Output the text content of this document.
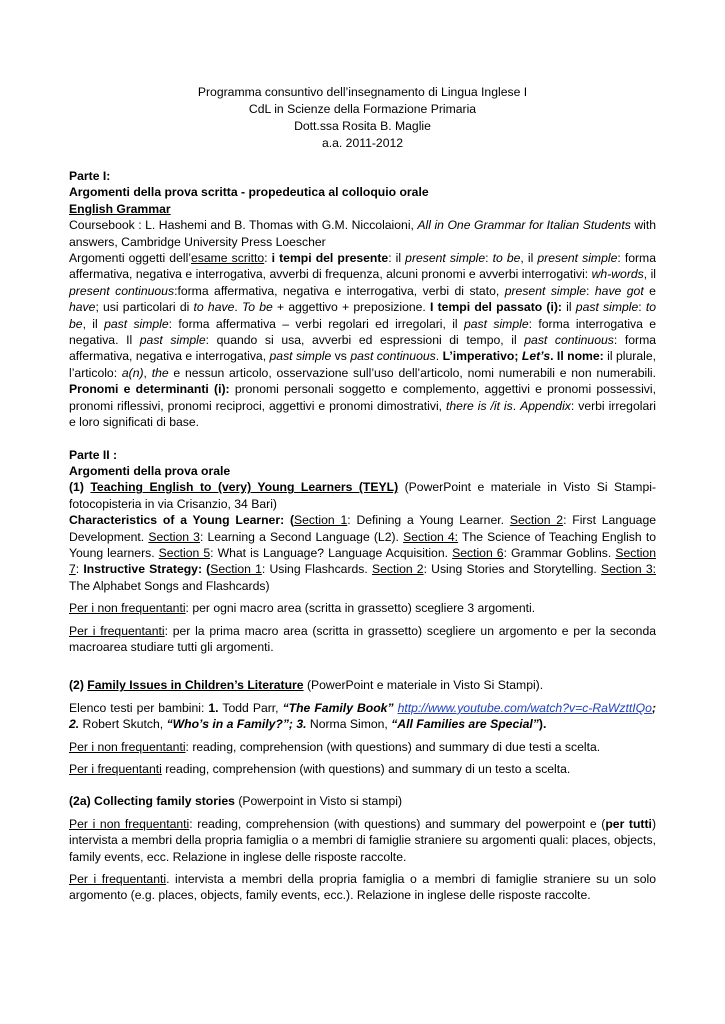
Programma consuntivo dell’insegnamento di Lingua Inglese I
CdL in Scienze della Formazione Primaria
Dott.ssa Rosita B. Maglie
a.a. 2011-2012

Parte I:

Argomenti della prova scritta - propedeutica al colloquio orale

English Grammar

Coursebook : L. Hashemi and B. Thomas with G.M. Niccolaioni, All in One Grammar for Italian Students with answers, Cambridge University Press Loescher

Argomenti oggetti dell’esame scritto: i tempi del presente: il present simple: to be, il present simple: forma affermativa, negativa e interrogativa, avverbi di frequenza, alcuni pronomi e avverbi interrogativi: wh-words, il present continuous:forma affermativa, negativa e interrogativa, verbi di stato, present simple: have got e have; usi particolari di to have. To be + aggettivo + preposizione. I tempi del passato (i): il past simple: to be, il past simple: forma affermativa – verbi regolari ed irregolari, il past simple: forma interrogativa e negativa. Il past simple: quando si usa, avverbi ed espressioni di tempo, il past continuous: forma affermativa, negativa e interrogativa, past simple vs past continuous. L’imperativo; Let’s. Il nome: il plurale, l’articolo: a(n), the e nessun articolo, osservazione sull’uso dell’articolo, nomi numerabili e non numerabili. Pronomi e determinanti (i): pronomi personali soggetto e complemento, aggettivi e pronomi possessivi, pronomi riflessivi, pronomi reciproci, aggettivi e pronomi dimostrativi, there is /it is. Appendix: verbi irregolari e loro significati di base.

Parte II :

Argomenti della prova orale

(1) Teaching English to (very) Young Learners (TEYL) (PowerPoint e materiale in Visto Si Stampi-fotocopisteria in via Crisanzio, 34 Bari)

Characteristics of a Young Learner: (Section 1: Defining a Young Learner. Section 2: First Language Development. Section 3: Learning a Second Language (L2). Section 4: The Science of Teaching English to Young learners. Section 5: What is Language? Language Acquisition. Section 6: Grammar Goblins. Section 7: Instructive Strategy: (Section 1: Using Flashcards. Section 2: Using Stories and Storytelling. Section 3: The Alphabet Songs and Flashcards)

Per i non frequentanti: per ogni macro area (scritta in grassetto) scegliere 3 argomenti.

Per i frequentanti: per la prima macro area (scritta in grassetto) scegliere un argomento e per la seconda macroarea studiare tutti gli argomenti.

(2) Family Issues in Children’s Literature (PowerPoint e materiale in Visto Si Stampi).

Elenco testi per bambini: 1. Todd Parr, “The Family Book” http://www.youtube.com/watch?v=c-RaWzttIQo; 2. Robert Skutch, “Who’s in a Family?”; 3. Norma Simon, “All Families are Special”).

Per i non frequentanti: reading, comprehension (with questions) and summary di due testi a scelta.

Per i frequentanti reading, comprehension (with questions) and summary di un testo a scelta.

(2a) Collecting family stories (Powerpoint in Visto si stampi)

Per i non frequentanti: reading, comprehension (with questions) and summary del powerpoint e (per tutti) intervista a membri della propria famiglia o a membri di famiglie straniere su argomenti quali: places, objects, family events, ecc. Relazione in inglese delle risposte raccolte.

Per i frequentanti. intervista a membri della propria famiglia o a membri di famiglie straniere su un solo argomento (e.g. places, objects, family events, ecc.). Relazione in inglese delle risposte raccolte.
